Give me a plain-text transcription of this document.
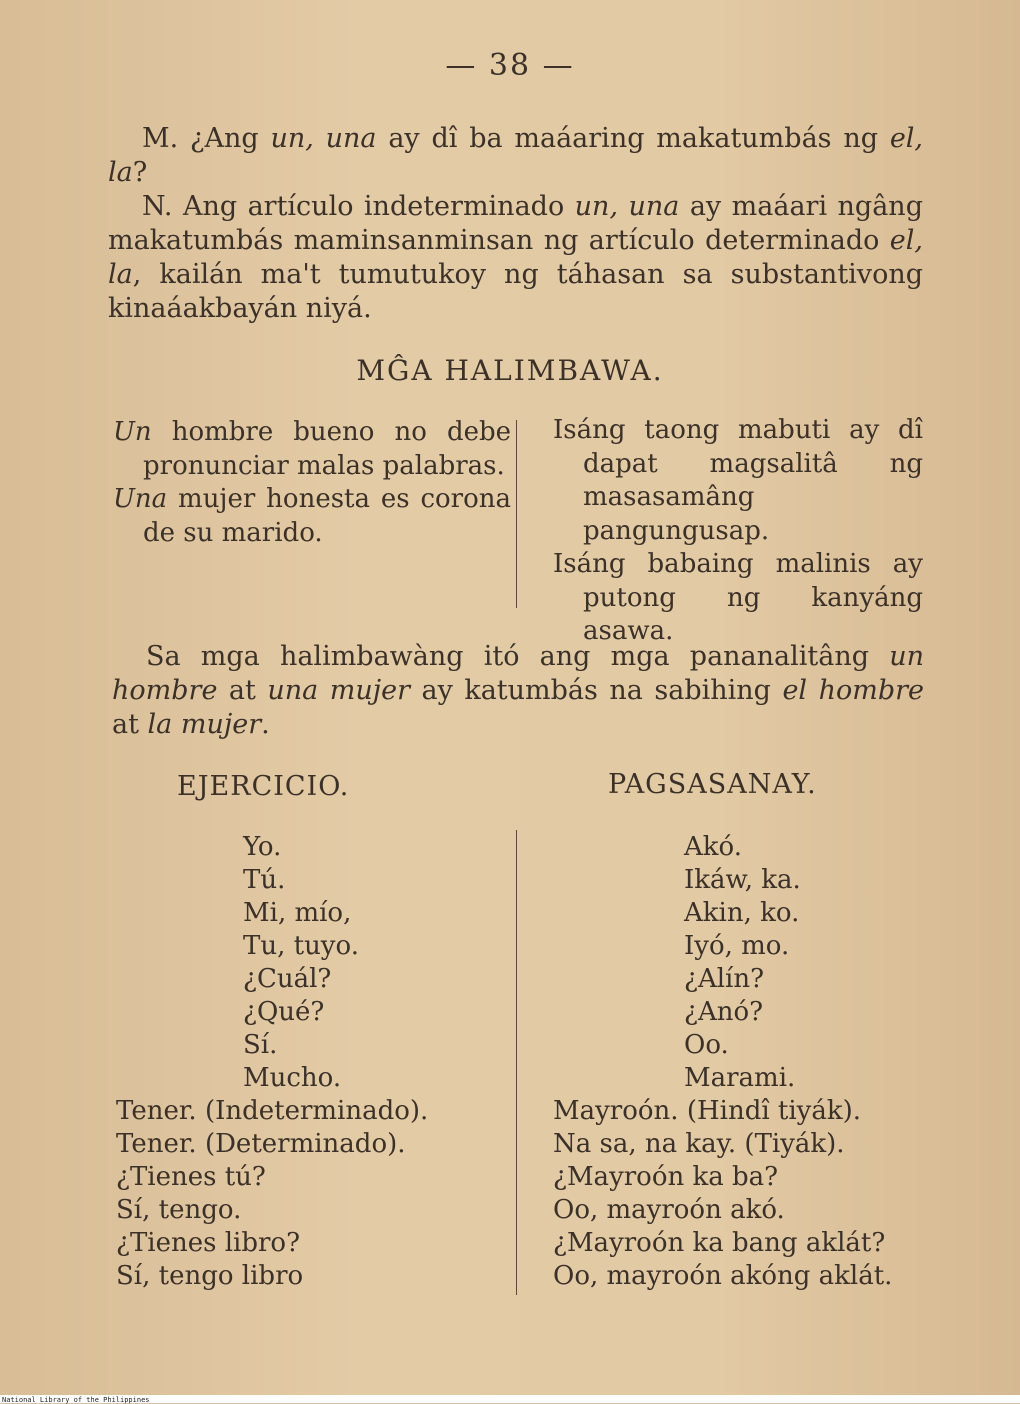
— 38 —

M. ¿Ang un, una ay dî ba maáaring makatumbás ng el, la?

N. Ang artículo indeterminado un, una ay maáari ngâng makatumbás maminsanminsan ng artículo determinado el, la, kailán ma't tumutukoy ng táhasan sa substantivong kinaáakbayán niyá.

MĜA HALIMBAWA.

Un hombre bueno no debe pronunciar malas palabras.

Una mujer honesta es corona de su marido.

Isáng taong mabuti ay dî dapat magsalitâ ng masasamâng pangungusap.

Isáng babaing malinis ay putong ng kanyáng asawa.

Sa mga halimbawàng itó ang mga pananalitâng un hombre at una mujer ay katumbás na sabihing el hombre at la mujer.

EJERCICIO.	PAGSASANAY.
Yo.
Tú.
Mi, mío,
Tu, tuyo.
¿Cuál?
¿Qué?
Sí.
Mucho.
Akó.
Ikáw, ka.
Akin, ko.
Iyó, mo.
¿Alín?
¿Anó?
Oo.
Marami.
Tener. (Indeterminado).
Tener. (Determinado).
¿Tienes tú?
Sí, tengo.
¿Tienes libro?
Sí, tengo libro
Mayroón. (Hindî tiyák).
Na sa, na kay. (Tiyák).
¿Mayroón ka ba?
Oo, mayroón akó.
¿Mayroón ka bang aklát?
Oo, mayroón akóng aklát.
National Library of the Philippines
